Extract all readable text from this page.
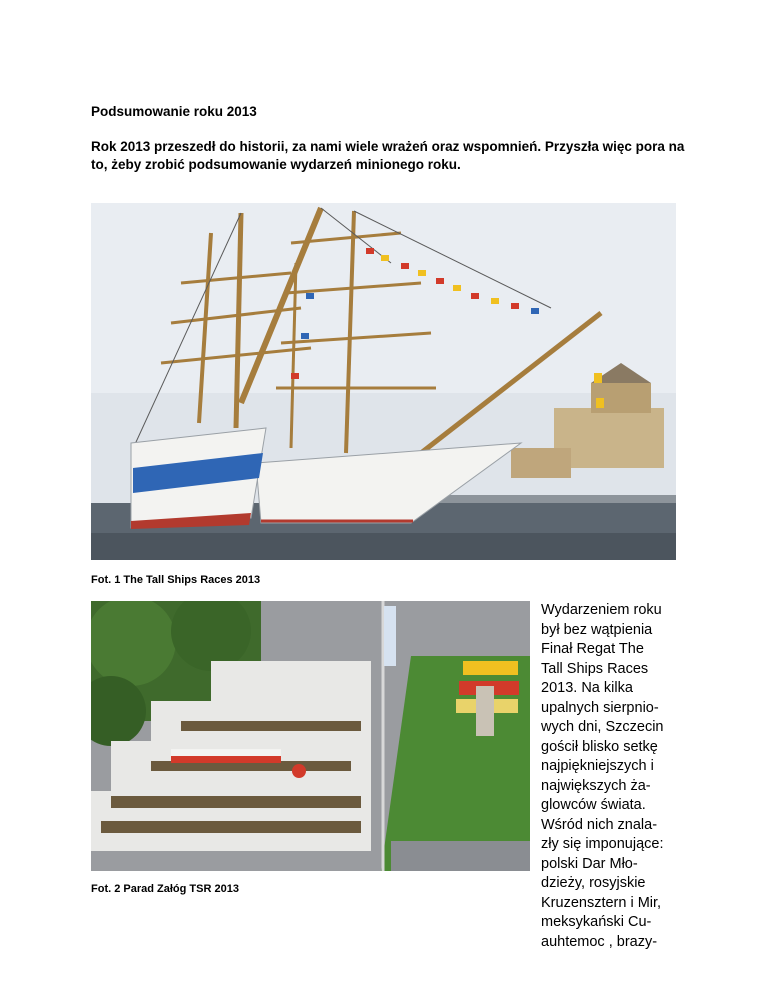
Podsumowanie roku 2013

Rok 2013 przeszedł do historii, za nami wiele wrażeń oraz wspomnień. Przyszła więc pora na to, żeby zrobić podsumowanie wydarzeń minionego roku.

Fot. 1 The Tall Ships Races 2013

Fot. 2 Parad Załóg TSR 2013

Wydarzeniem roku
był bez wątpienia
Finał Regat The
Tall Ships Races
2013. Na kilka
upalnych sierpnio-
wych dni, Szczecin
gościł blisko setkę
najpiękniejszych i
największych ża-
glowców świata.
Wśród nich znala-
zły się imponujące:
polski Dar Mło-
dzieży, rosyjskie
Kruzensztern i Mir,
meksykański Cu-
auhtemoc , brazy-
